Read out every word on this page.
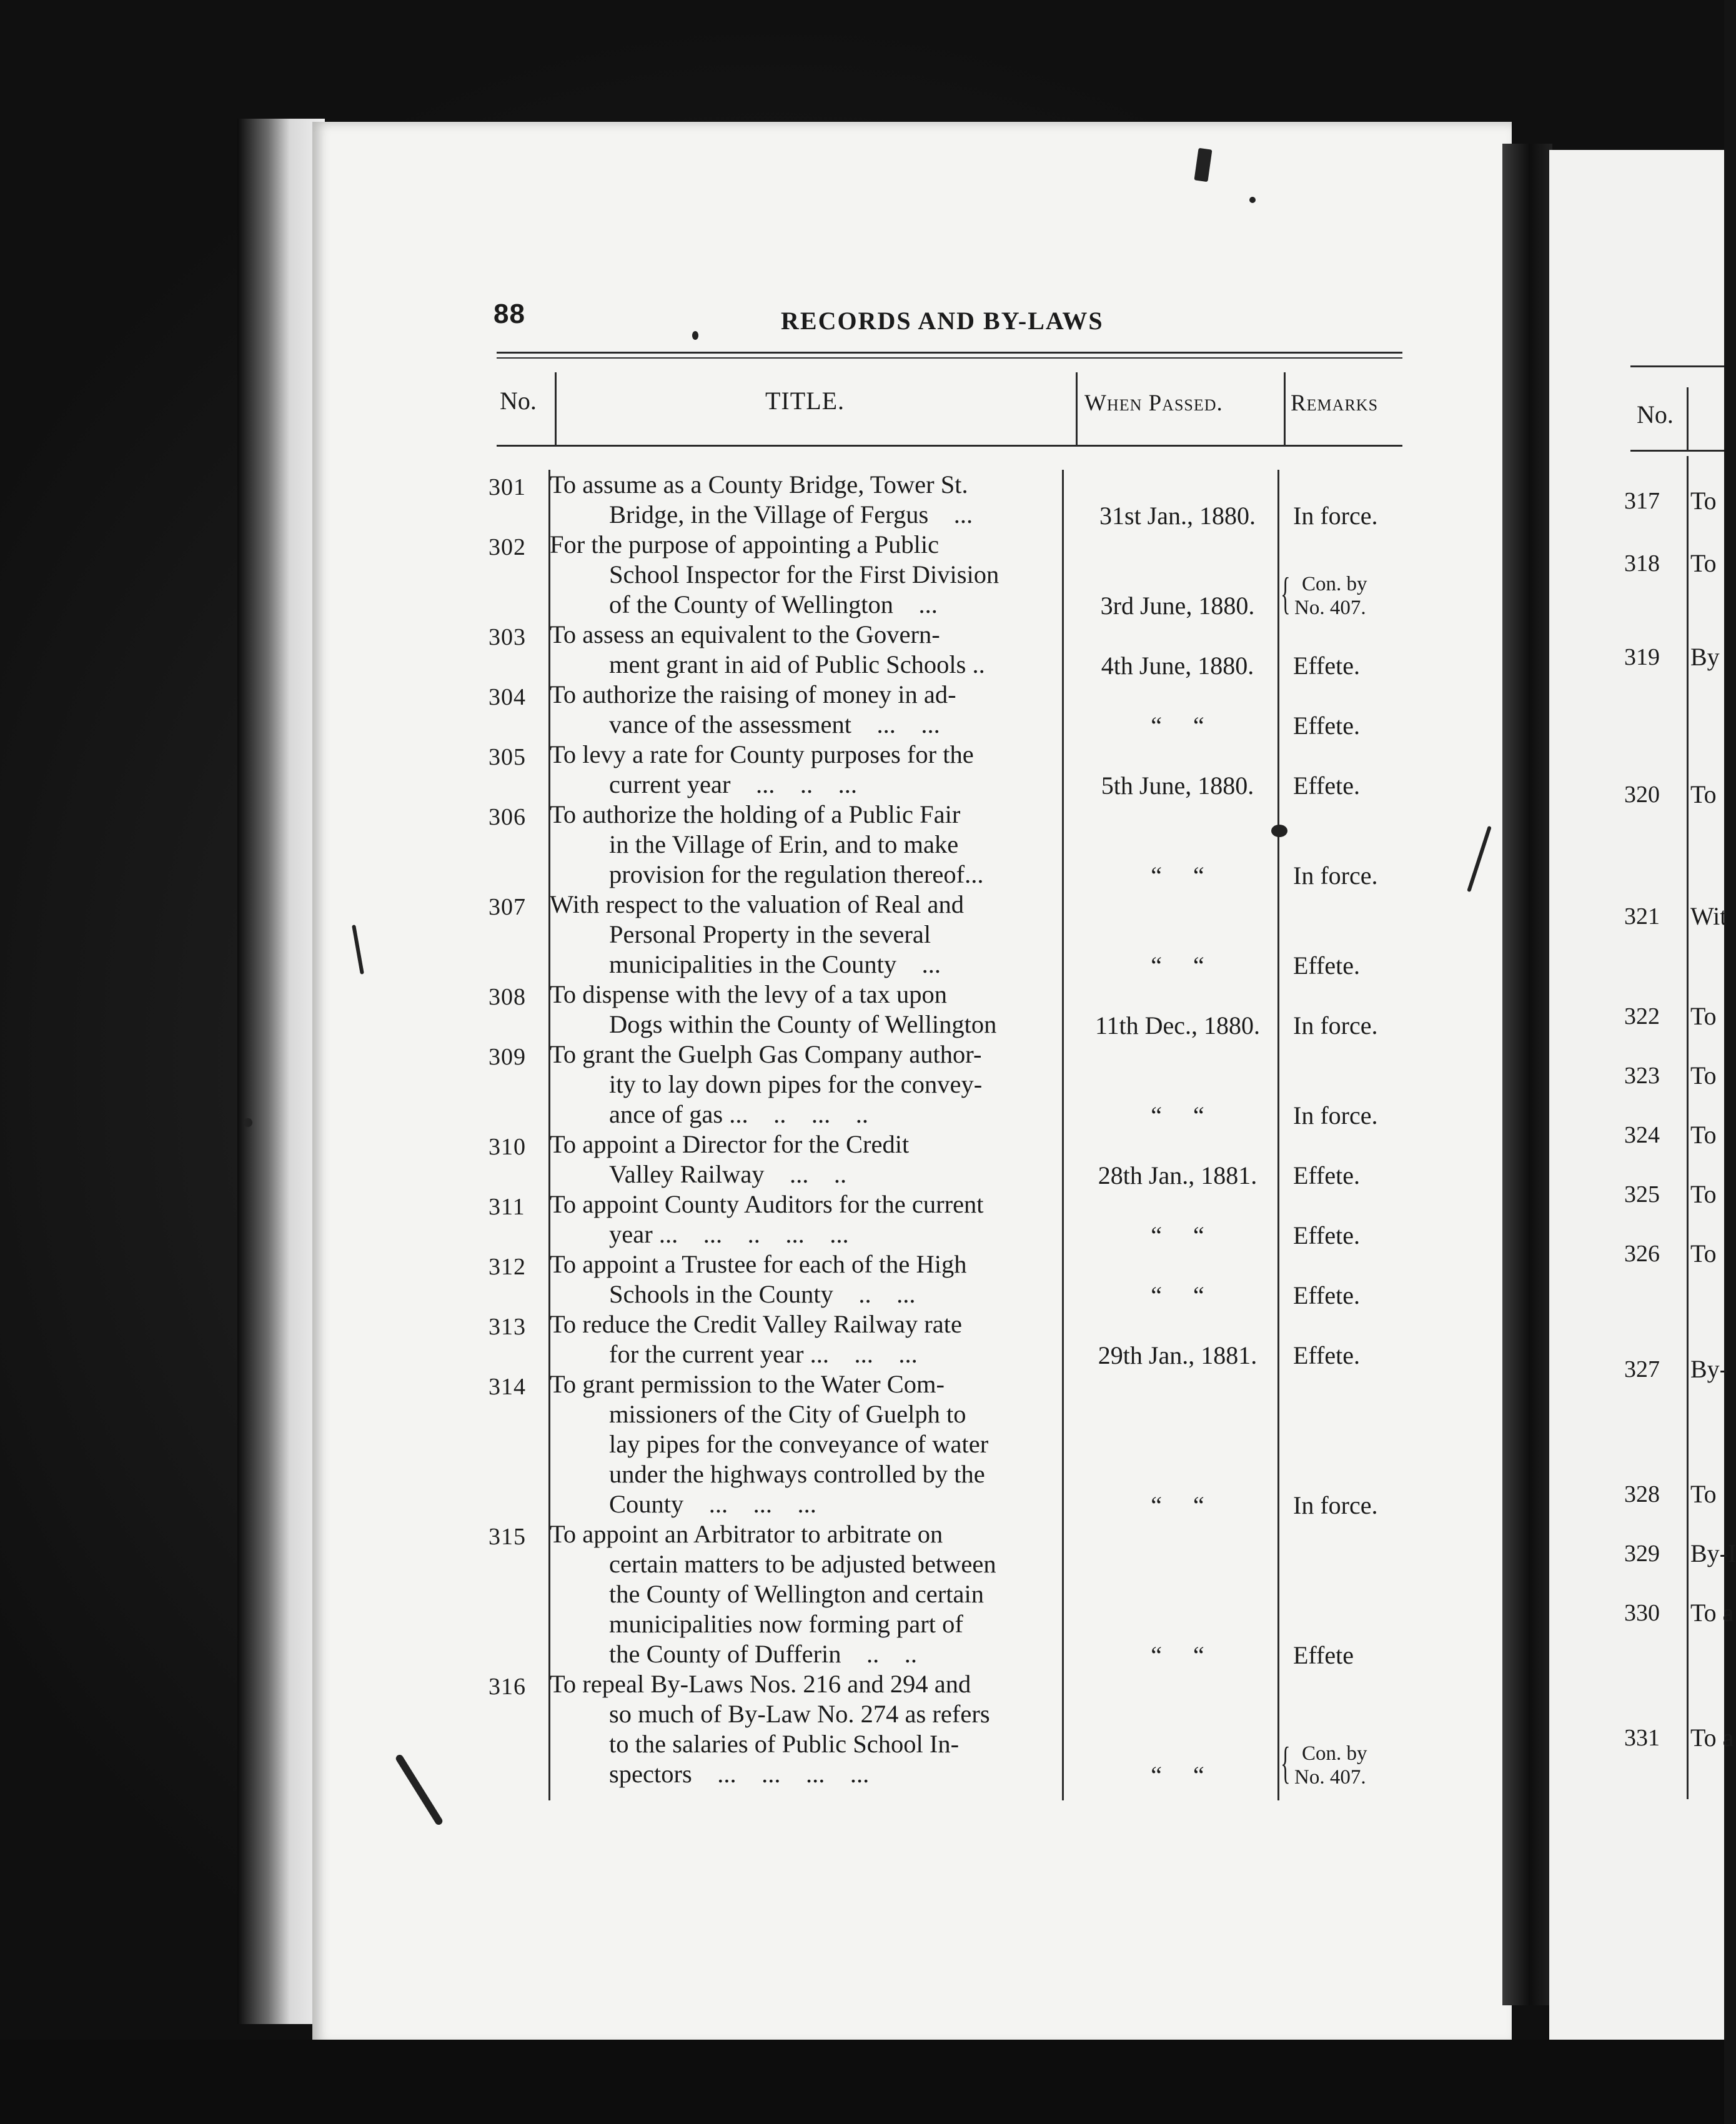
88	RECORDS AND BY-LAWS
No.	TITLE.	When Passed.	Remarks
301 To assume as a County Bridge, Tower St.
Bridge, in the Village of Fergus    ...	31st Jan., 1880.	In force.
302 For the purpose of appointing a Public
School Inspector for the First Division
of the County of Wellington    ...	3rd June, 1880. { Con. by
No. 407.
303 To assess an equivalent to the Govern-
ment grant in aid of Public Schools ..	4th June, 1880.	Effete.
304 To authorize the raising of money in ad-
vance of the assessment    ...    ...	“     “	Effete.
305 To levy a rate for County purposes for the
current year    ...    ..    ...	5th June, 1880.	Effete.
306 To authorize the holding of a Public Fair
in the Village of Erin, and to make
provision for the regulation thereof...	“     “	In force.
307 With respect to the valuation of Real and
Personal Property in the several
municipalities in the County    ...	“     “	Effete.
308 To dispense with the levy of a tax upon
Dogs within the County of Wellington	11th Dec., 1880.	In force.
309 To grant the Guelph Gas Company author-
ity to lay down pipes for the convey-
ance of gas ...    ..    ...    ..	“     “	In force.
310 To appoint a Director for the Credit
Valley Railway    ...    ..	28th Jan., 1881.	Effete.
311 To appoint County Auditors for the current
year ...    ...    ..    ...    ...	“     “	Effete.
312 To appoint a Trustee for each of the High
Schools in the County    ..    ...	“     “	Effete.
313 To reduce the Credit Valley Railway rate
for the current year ...    ...    ...	29th Jan., 1881.	Effete.
314 To grant permission to the Water Com-
missioners of the City of Guelph to
lay pipes for the conveyance of water
under the highways controlled by the
County    ...    ...    ...	“     “	In force.
315 To appoint an Arbitrator to arbitrate on
certain matters to be adjusted between
the County of Wellington and certain
municipalities now forming part of
the County of Dufferin    ..    ..	“     “	Effete
316 To repeal By-Laws Nos. 216 and 294 and
so much of By-Law No. 274 as refers
to the salaries of Public School In-
spectors    ...    ...    ...    ...	“     “	{ Con. by
No. 407.
No.
317 To
318 To
319 By
320 To
321 Wit
322 To
323 To
324 To
325 To
326 To
327 By-
328 To
329 By-I
330 To a
331 To a
